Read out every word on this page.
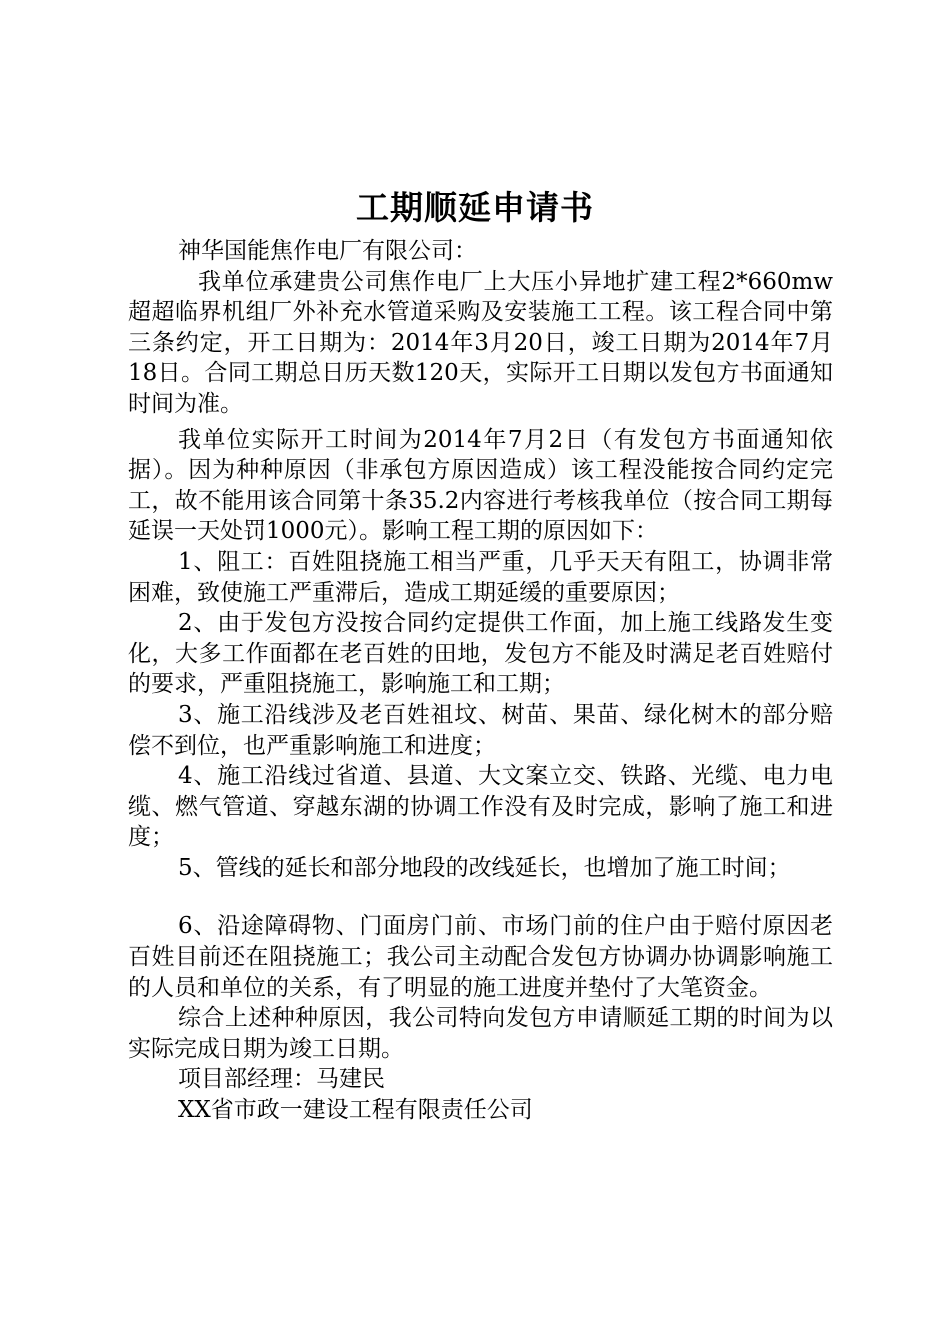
工期顺延申请书

神华国能焦作电厂有限公司：

我单位承建贵公司焦作电厂上大压小异地扩建工程2*660mw超超临界机组厂外补充水管道采购及安装施工工程。该工程合同中第三条约定，开工日期为：2014年3月20日，竣工日期为2014年7月18日。合同工期总日历天数120天，实际开工日期以发包方书面通知时间为准。

我单位实际开工时间为2014年7月2日（有发包方书面通知依据）。因为种种原因（非承包方原因造成）该工程没能按合同约定完工，故不能用该合同第十条35.2内容进行考核我单位（按合同工期每延误一天处罚1000元）。影响工程工期的原因如下：

1、阻工：百姓阻挠施工相当严重，几乎天天有阻工，协调非常困难，致使施工严重滞后，造成工期延缓的重要原因；

2、由于发包方没按合同约定提供工作面，加上施工线路发生变化，大多工作面都在老百姓的田地，发包方不能及时满足老百姓赔付的要求，严重阻挠施工，影响施工和工期；

3、施工沿线涉及老百姓祖坟、树苗、果苗、绿化树木的部分赔偿不到位，也严重影响施工和进度；

4、施工沿线过省道、县道、大文案立交、铁路、光缆、电力电缆、燃气管道、穿越东湖的协调工作没有及时完成，影响了施工和进度；

5、管线的延长和部分地段的改线延长，也增加了施工时间；

6、沿途障碍物、门面房门前、市场门前的住户由于赔付原因老百姓目前还在阻挠施工；我公司主动配合发包方协调办协调影响施工的人员和单位的关系，有了明显的施工进度并垫付了大笔资金。

综合上述种种原因，我公司特向发包方申请顺延工期的时间为以实际完成日期为竣工日期。

项目部经理：马建民

XX省市政一建设工程有限责任公司
